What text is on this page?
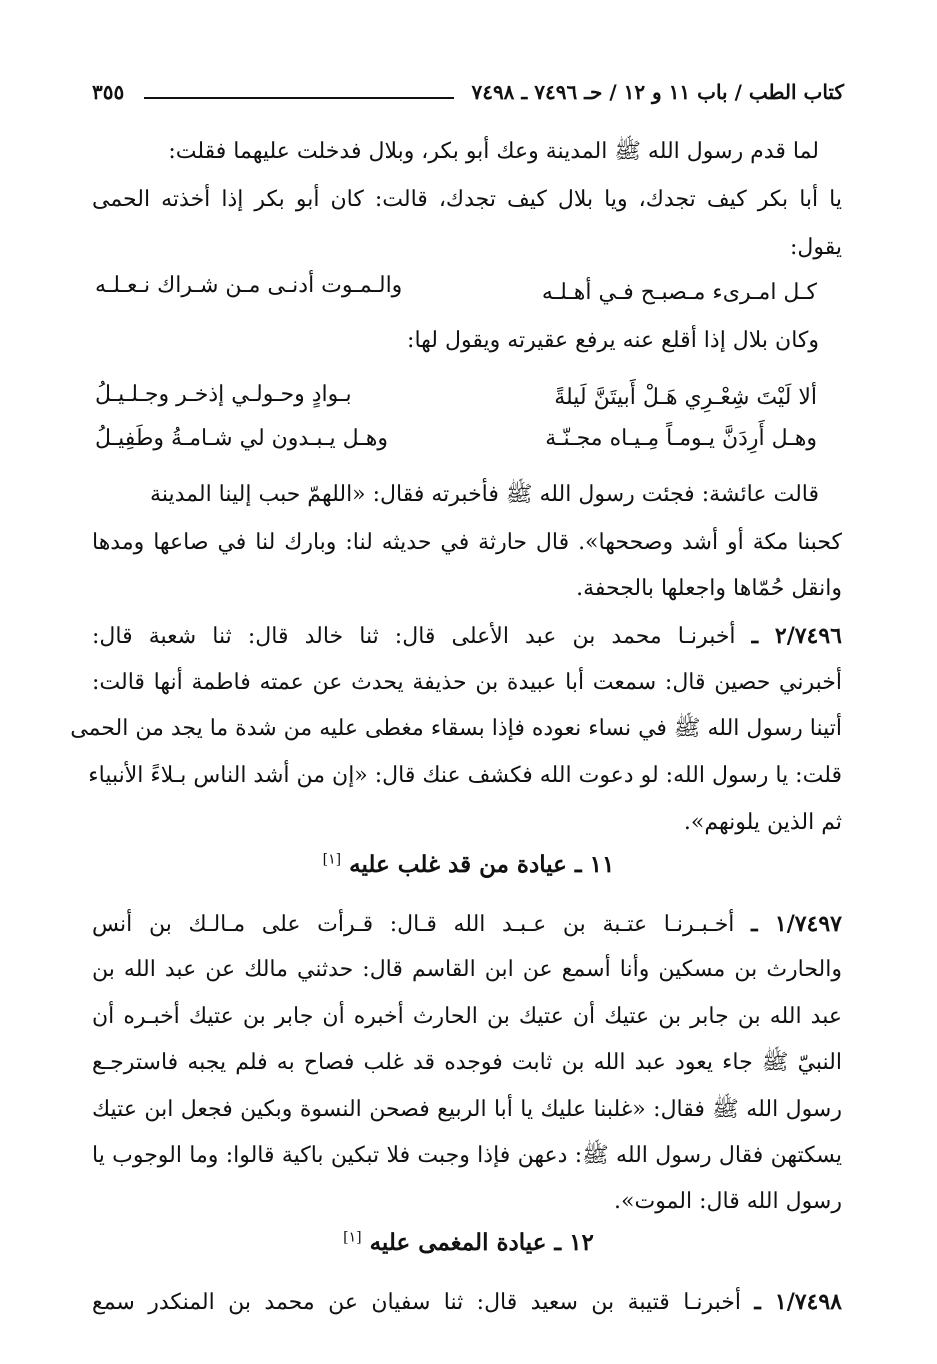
كتاب الطب / باب ١١ و ١٢ / حـ ٧٤٩٦ ـ ٧٤٩٨
٣٥٥
لما قدم رسول الله ﷺ المدينة وعك أبو بكر، وبلال فدخلت عليهما فقلت:
يا أبا بكر كيف تجدك، ويا بلال كيف تجدك، قالت: كان أبو بكر إذا أخذته الحمى
يقول:
كـل امـرىء مـصبـح فـي أهـلـه
والـمـوت أدنـى مـن شـراك نـعـلـه
وكان بلال إذا أقلع عنه يرفع عقيرته ويقول لها:
ألا لَيْتَ شِعْـرِي هَـلْ أَبيتَنَّ لَيلةً
بـوادٍ وحـولـي إذخـر وجـلـيـلُ
وهـل أَرِدَنَّ يـومـاً مِـيـاه مجـنّـة
وهـل يـبـدون لي شـامـةُ وطَفِيـلُ
قالت عائشة: فجئت رسول الله ﷺ فأخبرته فقال: «اللهمّ حبب إلينا المدينة
كحبنا مكة أو أشد وصححها». قال حارثة في حديثه لنا: وبارك لنا في صاعها ومدها
وانقل حُمّاها واجعلها بالجحفة.
٢/٧٤٩٦ ـ أخبرنـا محمد بن عبد الأعلى قال: ثنا خالد قال: ثنا شعبة قال:
أخبرني حصين قال: سمعت أبا عبيدة بن حذيفة يحدث عن عمته فاطمة أنها قالت:
أتينا رسول الله ﷺ في نساء نعوده فإذا بسقاء مغطى عليه من شدة ما يجد من الحمى
قلت: يا رسول الله: لو دعوت الله فكشف عنك قال: «إن من أشد الناس بـلاءً الأنبياء
ثم الذين يلونهم».
١١ ـ عيادة من قد غلب عليه [١]
١/٧٤٩٧ ـ أخـبـرنـا عتـبة بن عـبـد الله قـال: قـرأت على مـالـك بن أنس
والحارث بن مسكين وأنا أسمع عن ابن القاسم قال: حدثني مالك عن عبد الله بن
عبد الله بن جابر بن عتيك أن عتيك بن الحارث أخبره أن جابر بن عتيك أخبـره أن
النبيّ ﷺ جاء يعود عبد الله بن ثابت فوجده قد غلب فصاح به فلم يجبه فاسترجـع
رسول الله ﷺ فقال: «غلبنا عليك يا أبا الربيع فصحن النسوة وبكين فجعل ابن عتيك
يسكتهن فقال رسول الله ﷺ: دعهن فإذا وجبت فلا تبكين باكية قالوا: وما الوجوب يا
رسول الله قال: الموت».
١٢ ـ عيادة المغمى عليه [١]
١/٧٤٩٨ ـ أخبرنـا قتيبة بن سعيد قال: ثنا سفيان عن محمد بن المنكدر سمع
